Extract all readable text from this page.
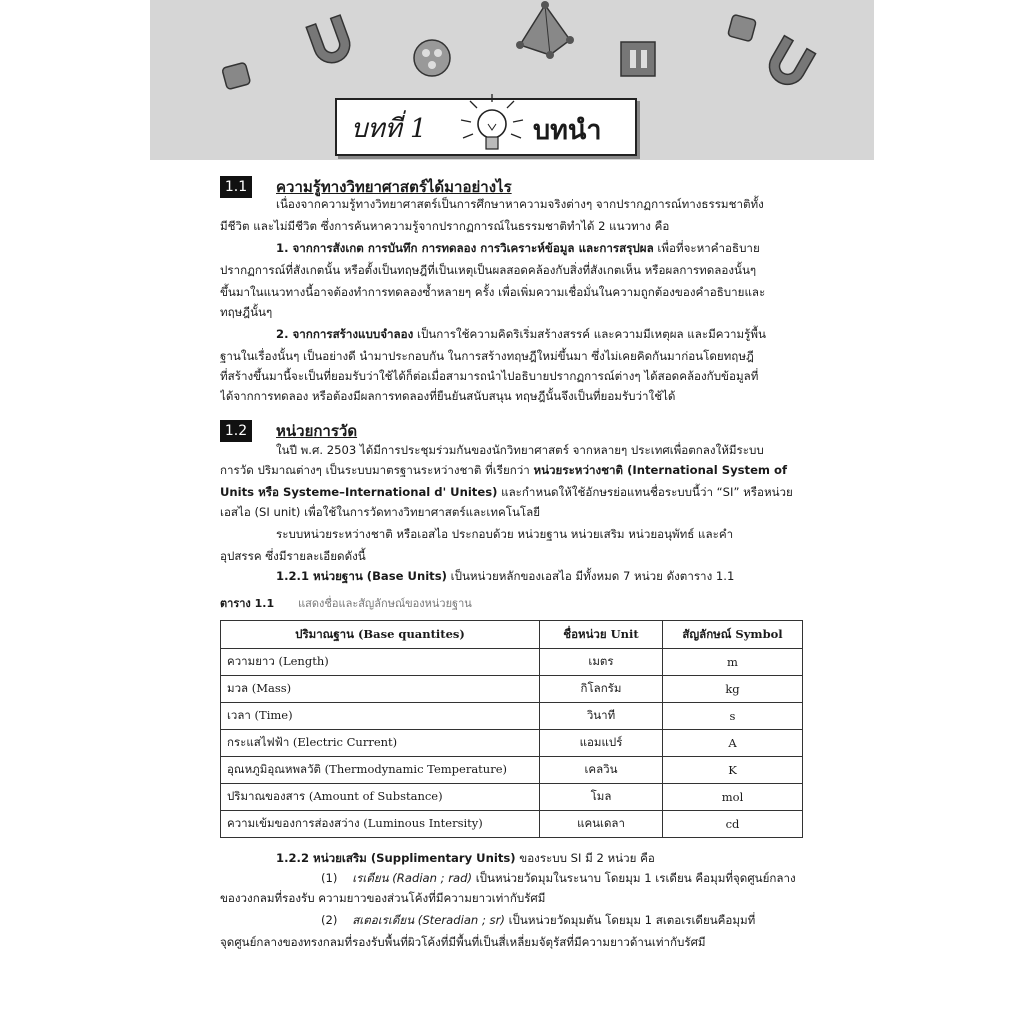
บทที่ 1	บทนำ
1.1	ความรู้ทางวิทยาศาสตร์ได้มาอย่างไร
เนื่องจากความรู้ทางวิทยาศาสตร์เป็นการศึกษาหาความจริงต่างๆ จากปรากฏการณ์ทางธรรมชาติทั้ง
มีชีวิต และไม่มีชีวิต ซึ่งการค้นหาความรู้จากปรากฏการณ์ในธรรมชาติทำได้ 2 แนวทาง คือ
1. จากการสังเกต การบันทึก การทดลอง การวิเคราะห์ข้อมูล และการสรุปผล เพื่อที่จะหาคำอธิบาย
ปรากฏการณ์ที่สังเกตนั้น หรือตั้งเป็นทฤษฎีที่เป็นเหตุเป็นผลสอดคล้องกับสิ่งที่สังเกตเห็น หรือผลการทดลองนั้นๆ
ขึ้นมาในแนวทางนี้อาจต้องทำการทดลองซ้ำหลายๆ ครั้ง เพื่อเพิ่มความเชื่อมั่นในความถูกต้องของคำอธิบายและ
ทฤษฎีนั้นๆ
2. จากการสร้างแบบจำลอง เป็นการใช้ความคิดริเริ่มสร้างสรรค์ และความมีเหตุผล และมีความรู้พื้น
ฐานในเรื่องนั้นๆ เป็นอย่างดี นำมาประกอบกัน ในการสร้างทฤษฎีใหม่ขึ้นมา ซึ่งไม่เคยคิดกันมาก่อนโดยทฤษฎี
ที่สร้างขึ้นมานี้จะเป็นที่ยอมรับว่าใช้ได้ก็ต่อเมื่อสามารถนำไปอธิบายปรากฏการณ์ต่างๆ ได้สอดคล้องกับข้อมูลที่
ได้จากการทดลอง หรือต้องมีผลการทดลองที่ยืนยันสนับสนุน ทฤษฎีนั้นจึงเป็นที่ยอมรับว่าใช้ได้
1.2	หน่วยการวัด
ในปี พ.ศ. 2503 ได้มีการประชุมร่วมกันของนักวิทยาศาสตร์ จากหลายๆ ประเทศเพื่อตกลงให้มีระบบ
การวัด ปริมาณต่างๆ เป็นระบบมาตรฐานระหว่างชาติ ที่เรียกว่า หน่วยระหว่างชาติ (International System of
Units หรือ Systeme–International d' Unites) และกำหนดให้ใช้อักษรย่อแทนชื่อระบบนี้ว่า “SI” หรือหน่วย
เอสไอ (SI unit) เพื่อใช้ในการวัดทางวิทยาศาสตร์และเทคโนโลยี
ระบบหน่วยระหว่างชาติ หรือเอสไอ ประกอบด้วย หน่วยฐาน หน่วยเสริม หน่วยอนุพัทธ์ และคำ
อุปสรรค ซึ่งมีรายละเอียดดังนี้
1.2.1 หน่วยฐาน (Base Units) เป็นหน่วยหลักของเอสไอ มีทั้งหมด 7 หน่วย ดังตาราง 1.1
ตาราง 1.1 แสดงชื่อและสัญลักษณ์ของหน่วยฐาน
ปริมาณฐาน (Base quantites)	ชื่อหน่วย Unit	สัญลักษณ์ Symbol
ความยาว (Length)	เมตร	m
มวล (Mass)	กิโลกรัม	kg
เวลา (Time)	วินาที	s
กระแสไฟฟ้า (Electric Current)	แอมแปร์	A
อุณหภูมิอุณหพลวัติ (Thermodynamic Temperature)	เคลวิน	K
ปริมาณของสาร (Amount of Substance)	โมล	mol
ความเข้มของการส่องสว่าง (Luminous Intersity)	แคนเดลา	cd
1.2.2 หน่วยเสริม (Supplimentary Units) ของระบบ SI มี 2 หน่วย คือ
(1) เรเดียน (Radian ; rad) เป็นหน่วยวัดมุมในระนาบ โดยมุม 1 เรเดียน คือมุมที่จุดศูนย์กลาง
ของวงกลมที่รองรับ ความยาวของส่วนโค้งที่มีความยาวเท่ากับรัศมี
(2) สเตอเรเดียน (Steradian ; sr) เป็นหน่วยวัดมุมตัน โดยมุม 1 สเตอเรเดียนคือมุมที่
จุดศูนย์กลางของทรงกลมที่รองรับพื้นที่ผิวโค้งที่มีพื้นที่เป็นสี่เหลี่ยมจัตุรัสที่มีความยาวด้านเท่ากับรัศมี
